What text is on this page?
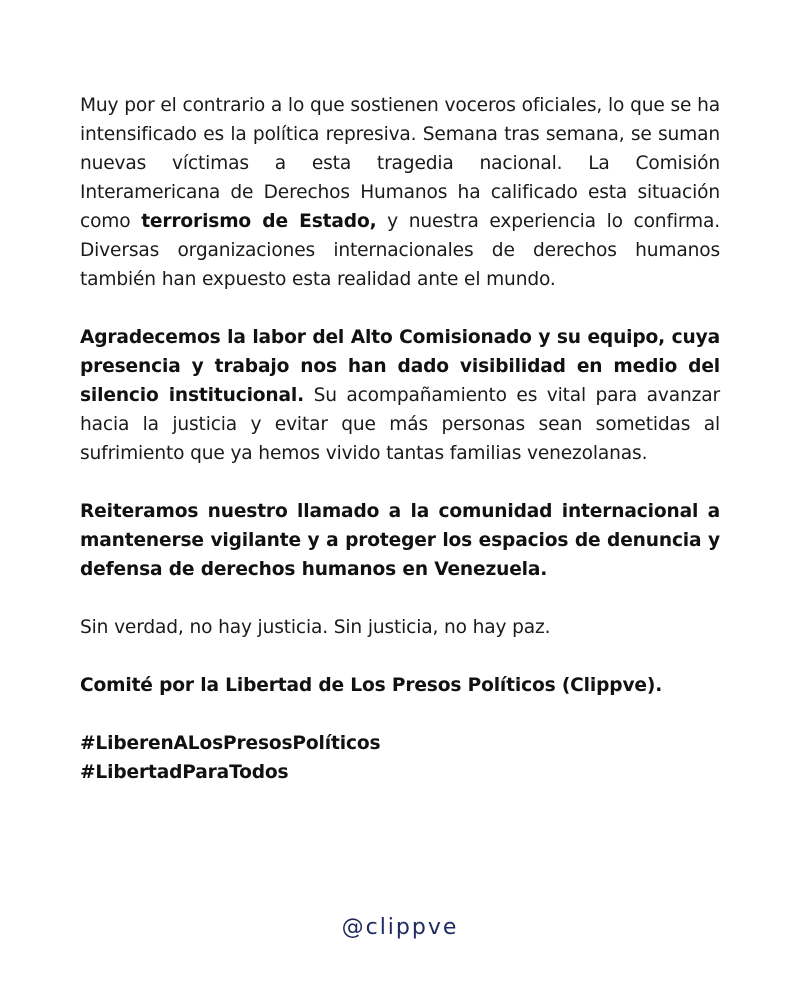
Muy por el contrario a lo que sostienen voceros oficiales, lo que se ha intensificado es la política represiva. Semana tras semana, se suman nuevas víctimas a esta tragedia nacional. La Comisión Interamericana de Derechos Humanos ha calificado esta situación como terrorismo de Estado, y nuestra experiencia lo confirma. Diversas organizaciones internacionales de derechos humanos también han expuesto esta realidad ante el mundo.

Agradecemos la labor del Alto Comisionado y su equipo, cuya presencia y trabajo nos han dado visibilidad en medio del silencio institucional. Su acompañamiento es vital para avanzar hacia la justicia y evitar que más personas sean sometidas al sufrimiento que ya hemos vivido tantas familias venezolanas.

Reiteramos nuestro llamado a la comunidad internacional a mantenerse vigilante y a proteger los espacios de denuncia y defensa de derechos humanos en Venezuela.

Sin verdad, no hay justicia. Sin justicia, no hay paz.

Comité por la Libertad de Los Presos Políticos (Clippve).

#LiberenALosPresosPolíticos

#LibertadParaTodos

@clippve
